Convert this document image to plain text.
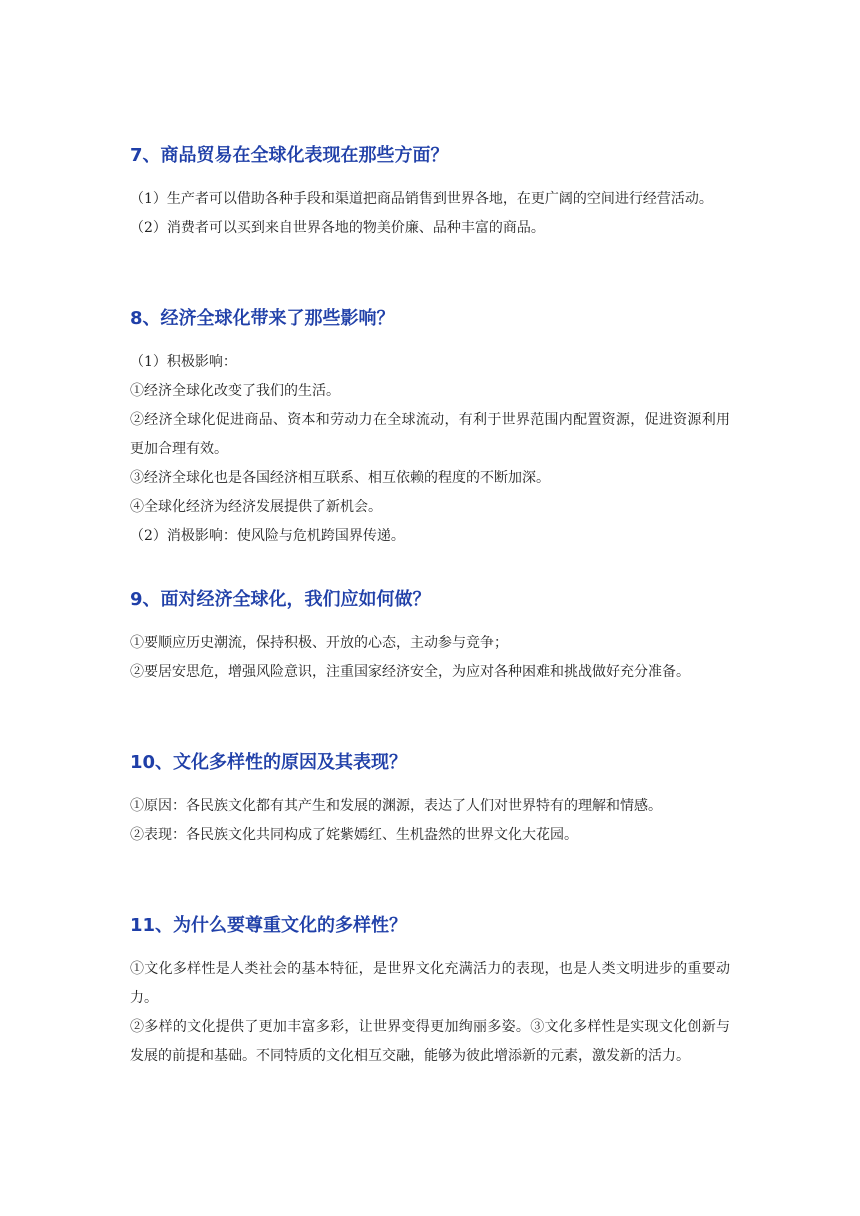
7、商品贸易在全球化表现在那些方面？

（1）生产者可以借助各种手段和渠道把商品销售到世界各地，在更广阔的空间进行经营活动。

（2）消费者可以买到来自世界各地的物美价廉、品种丰富的商品。

8、经济全球化带来了那些影响？

（1）积极影响：

①经济全球化改变了我们的生活。

②经济全球化促进商品、资本和劳动力在全球流动，有利于世界范围内配置资源，促进资源利用更加合理有效。

③经济全球化也是各国经济相互联系、相互依赖的程度的不断加深。

④全球化经济为经济发展提供了新机会。

（2）消极影响：使风险与危机跨国界传递。

9、面对经济全球化，我们应如何做？

①要顺应历史潮流，保持积极、开放的心态，主动参与竞争；

②要居安思危，增强风险意识，注重国家经济安全，为应对各种困难和挑战做好充分准备。

10、文化多样性的原因及其表现？

①原因：各民族文化都有其产生和发展的渊源，表达了人们对世界特有的理解和情感。

②表现：各民族文化共同构成了姹紫嫣红、生机盎然的世界文化大花园。

11、为什么要尊重文化的多样性？

①文化多样性是人类社会的基本特征，是世界文化充满活力的表现，也是人类文明进步的重要动力。

②多样的文化提供了更加丰富多彩，让世界变得更加绚丽多姿。③文化多样性是实现文化创新与发展的前提和基础。不同特质的文化相互交融，能够为彼此增添新的元素，激发新的活力。
